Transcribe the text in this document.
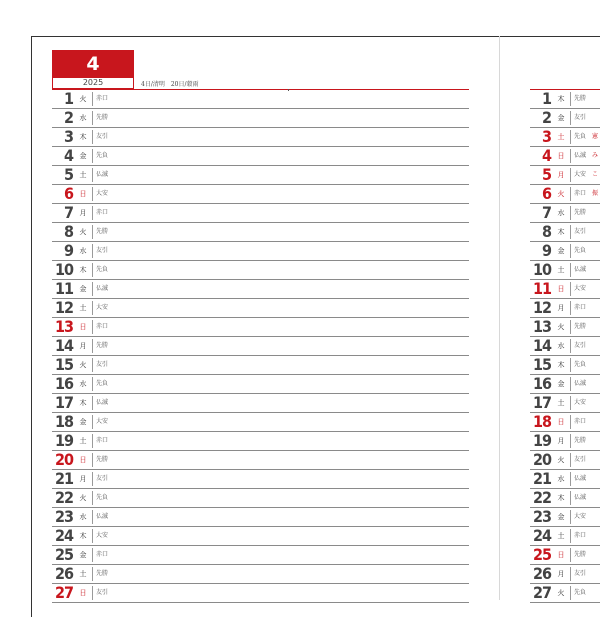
4
2025	4日/清明　20日/穀雨
1 火 赤口
2 水 先勝
3 木 友引
4 金 先負
5 土 仏滅
6 日 大安
7 月 赤口
8 火 先勝
9 水 友引
10 木 先負
11 金 仏滅
12 土 大安
13 日 赤口
14 月 先勝
15 火 友引
16 水 先負
17 木 仏滅
18 金 大安
19 土 赤口
20 日 先勝
21 月 友引
22 火 先負
23 水 仏滅
24 木 大安
25 金 赤口
26 土 先勝
27 日 友引
1 木 先勝
2 金 友引
3 土 先負 憲
4 日 仏滅 み
5 月 大安 こ
6 火 赤口 振
7 水 先勝
8 木 友引
9 金 先負
10 土 仏滅
11 日 大安
12 月 赤口
13 火 先勝
14 水 友引
15 木 先負
16 金 仏滅
17 土 大安
18 日 赤口
19 月 先勝
20 火 友引
21 水 仏滅
22 木 仏滅
23 金 大安
24 土 赤口
25 日 先勝
26 月 友引
27 火 先負
